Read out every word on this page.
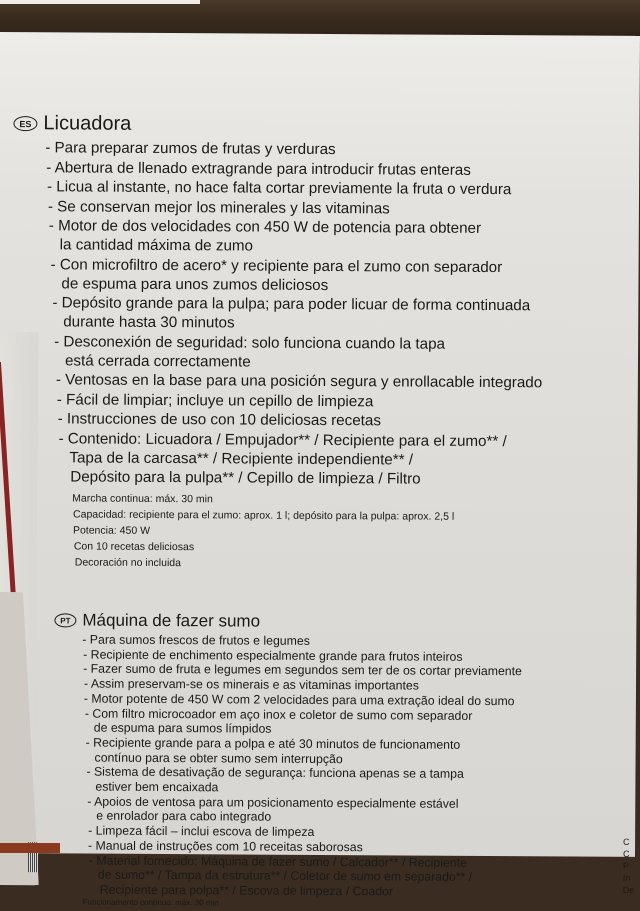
ES Licuadora
- Para preparar zumos de frutas y verduras
- Abertura de llenado extragrande para introducir frutas enteras
- Licua al instante, no hace falta cortar previamente la fruta o verdura
- Se conservan mejor los minerales y las vitaminas
- Motor de dos velocidades con 450 W de potencia para obtener
la cantidad máxima de zumo
- Con microfiltro de acero* y recipiente para el zumo con separador
de espuma para unos zumos deliciosos
- Depósito grande para la pulpa; para poder licuar de forma continuada
durante hasta 30 minutos
- Desconexión de seguridad: solo funciona cuando la tapa
está cerrada correctamente
- Ventosas en la base para una posición segura y enrollacable integrado
- Fácil de limpiar; incluye un cepillo de limpieza
- Instrucciones de uso con 10 deliciosas recetas
- Contenido: Licuadora / Empujador** / Recipiente para el zumo** /
Tapa de la carcasa** / Recipiente independiente** /
Depósito para la pulpa** / Cepillo de limpieza / Filtro
Marcha continua: máx. 30 min
Capacidad: recipiente para el zumo: aprox. 1 l; depósito para la pulpa: aprox. 2,5 l
Potencia: 450 W
Con 10 recetas deliciosas
Decoración no incluida
PT Máquina de fazer sumo
- Para sumos frescos de frutos e legumes
- Recipiente de enchimento especialmente grande para frutos inteiros
- Fazer sumo de fruta e legumes em segundos sem ter de os cortar previamente
- Assim preservam-se os minerais e as vitaminas importantes
- Motor potente de 450 W com 2 velocidades para uma extração ideal do sumo
- Com filtro microcoador em aço inox e coletor de sumo com separador
de espuma para sumos límpidos
- Recipiente grande para a polpa e até 30 minutos de funcionamento
contínuo para se obter sumo sem interrupção
- Sistema de desativação de segurança: funciona apenas se a tampa
estiver bem encaixada
- Apoios de ventosa para um posicionamento especialmente estável
e enrolador para cabo integrado
- Limpeza fácil – inclui escova de limpeza
- Manual de instruções com 10 receitas saborosas
- Material fornecido: Máquina de fazer sumo / Calcador** / Recipiente
de sumo** / Tampa da estrutura** / Coletor de sumo em separado** /
Recipiente para polpa** / Escova de limpeza / Coador
Funcionamento contínuo: máx. 30 min
C
C
P
In
De
